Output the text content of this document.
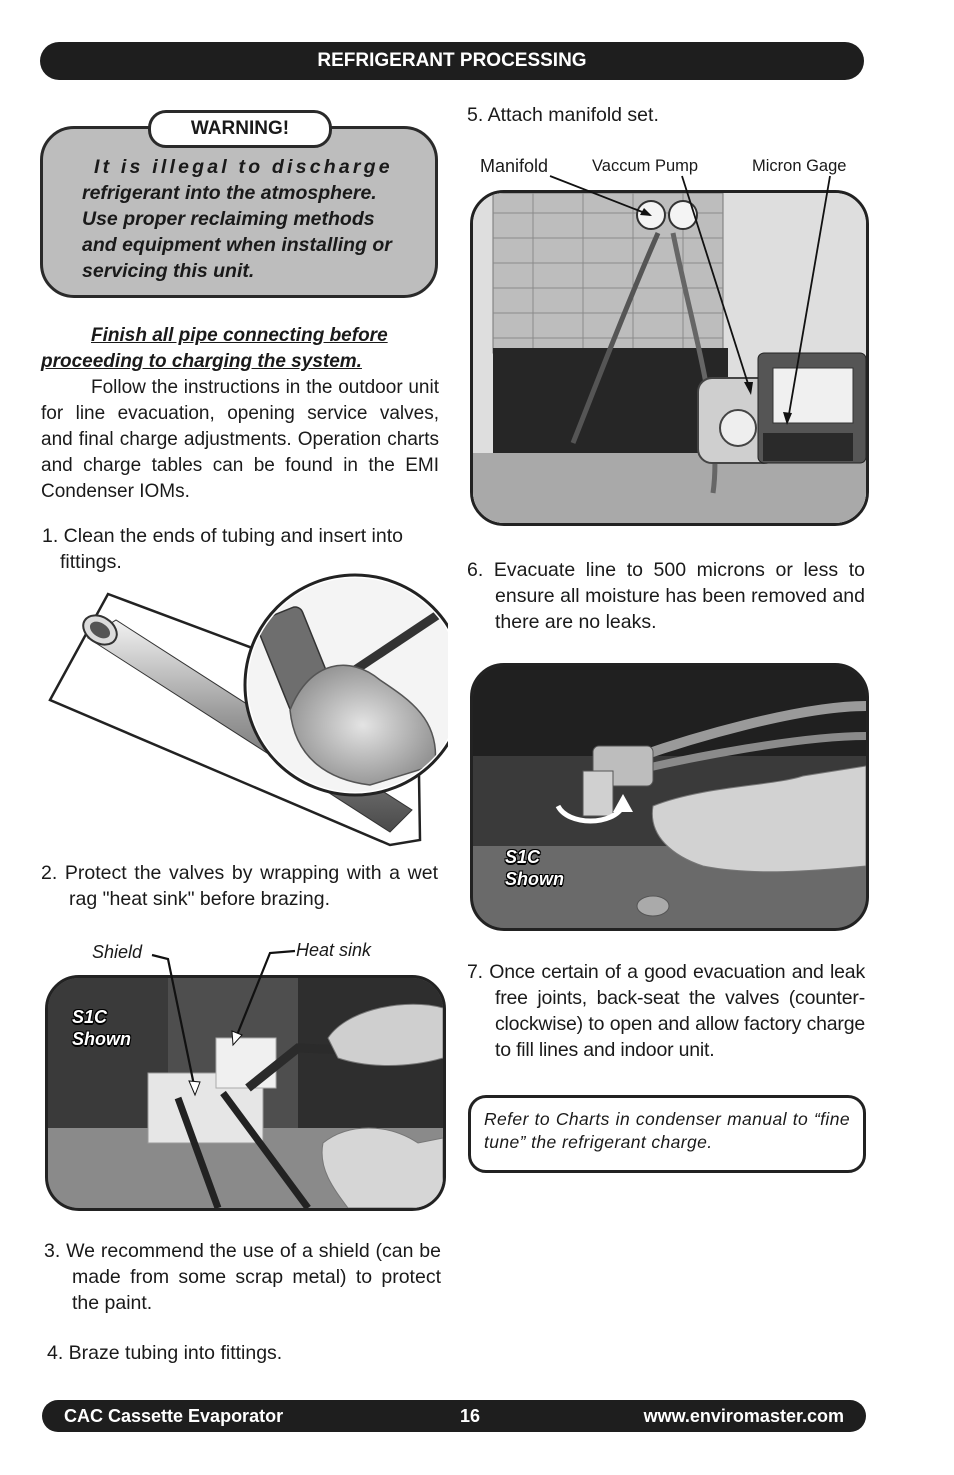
REFRIGERANT PROCESSING
WARNING!
It is illegal to discharge
refrigerant into the atmosphere. Use proper reclaiming methods and equipment when installing or servicing this unit.
Finish all pipe connecting before
proceeding to charging the system.
Follow the instructions in the outdoor unit for line evacuation, opening service valves, and final charge adjustments. Operation charts and charge tables can be found in the EMI Condenser IOMs.
1. Clean the ends of tubing and insert into fittings.
2. Protect the valves by wrapping with a wet rag "heat sink" before brazing.
Shield	Heat sink
S1C
Shown
3. We recommend the use of a shield (can be made from some scrap metal) to protect the paint.
4. Braze tubing into fittings.
5. Attach manifold set.
Manifold	Vaccum Pump	Micron Gage
6. Evacuate line to 500 microns or less to ensure all moisture has been removed and there are no leaks.
S1C
Shown
7. Once certain of a good evacuation and leak free joints, back-seat the valves (counter-clockwise) to open and allow factory charge to fill lines and indoor unit.
Refer to Charts in condenser manual to “fine tune” the refrigerant charge.
CAC Cassette Evaporator	16	www.enviromaster.com
